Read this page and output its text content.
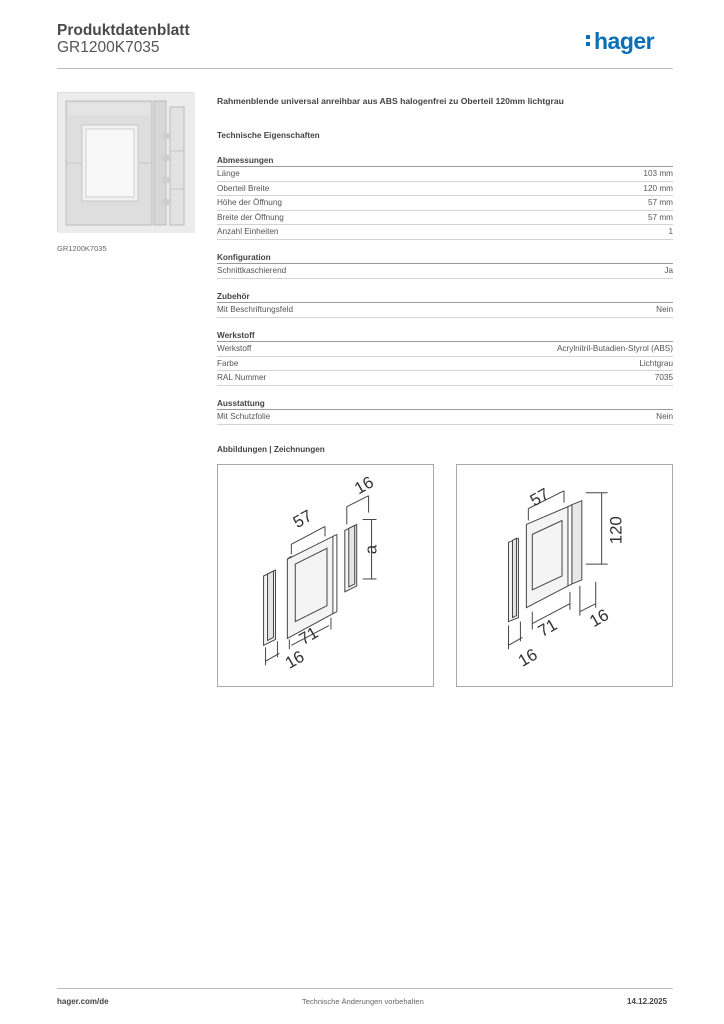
Produktdatenblatt
GR1200K7035	hager
GR1200K7035
Rahmenblende universal anreihbar aus ABS halogenfrei zu Oberteil 120mm lichtgrau
Technische Eigenschaften
Abmessungen
Länge	103 mm
Oberteil Breite	120 mm
Höhe der Öffnung	57 mm
Breite der Öffnung	57 mm
Anzahl Einheiten	1
Konfiguration
Schnittkaschierend	Ja
Zubehör
Mit Beschriftungsfeld	Nein
Werkstoff
Werkstoff	Acrylnitril-Butadien-Styrol (ABS)
Farbe	Lichtgrau
RAL Nummer	7035
Ausstattung
Mit Schutzfolie	Nein
Abbildungen | Zeichnungen
16
57
a
71
16
57
120
71 16
16
hager.com/de	Technische Änderungen vorbehalten	14.12.2025
